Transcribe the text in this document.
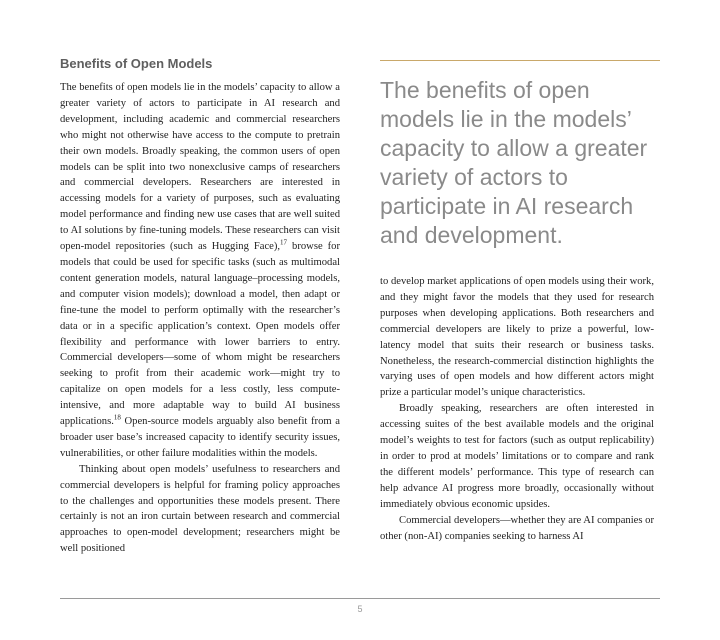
Benefits of Open Models

The benefits of open models lie in the models’ capacity to allow a greater variety of actors to participate in AI research and development, including academic and commercial researchers who might not otherwise have access to the compute to pretrain their own models. Broadly speaking, the common users of open models can be split into two nonexclusive camps of researchers and commercial developers. Researchers are interested in accessing models for a variety of purposes, such as evaluating model performance and finding new use cases that are well suited to AI solutions by fine-tuning models. These researchers can visit open-model repositories (such as Hugging Face),$^{17}$ browse for models that could be used for specific tasks (such as multimodal content generation models, natural language–processing models, and computer vision models); download a model, then adapt or fine-tune the model to perform optimally with the researcher’s data or in a specific application’s context. Open models offer flexibility and performance with lower barriers to entry. Commercial developers—some of whom might be researchers seeking to profit from their academic work—might try to capitalize on open models for a less costly, less compute-intensive, and more adaptable way to build AI business applications.$^{18}$ Open-source models arguably also benefit from a broader user base’s increased capacity to identify security issues, vulnerabilities, or other failure modalities within the models.

Thinking about open models’ usefulness to researchers and commercial developers is helpful for framing policy approaches to the challenges and opportunities these models present. There certainly is not an iron curtain between research and commercial approaches to open-model development; researchers might be well positioned

The benefits of open models lie in the models’ capacity to allow a greater variety of actors to participate in AI research and development.

to develop market applications of open models using their work, and they might favor the models that they used for research purposes when developing applications. Both researchers and commercial developers are likely to prize a powerful, low-latency model that suits their research or business tasks. Nonetheless, the research-commercial distinction highlights the varying uses of open models and how different actors might prize a particular model’s unique characteristics.

Broadly speaking, researchers are often interested in accessing suites of the best available models and the original model’s weights to test for factors (such as output replicability) in order to prod at models’ limitations or to compare and rank the different models’ performance. This type of research can help advance AI progress more broadly, occasionally without immediately obvious economic upsides.

Commercial developers—whether they are AI companies or other (non-AI) companies seeking to harness AI

5
